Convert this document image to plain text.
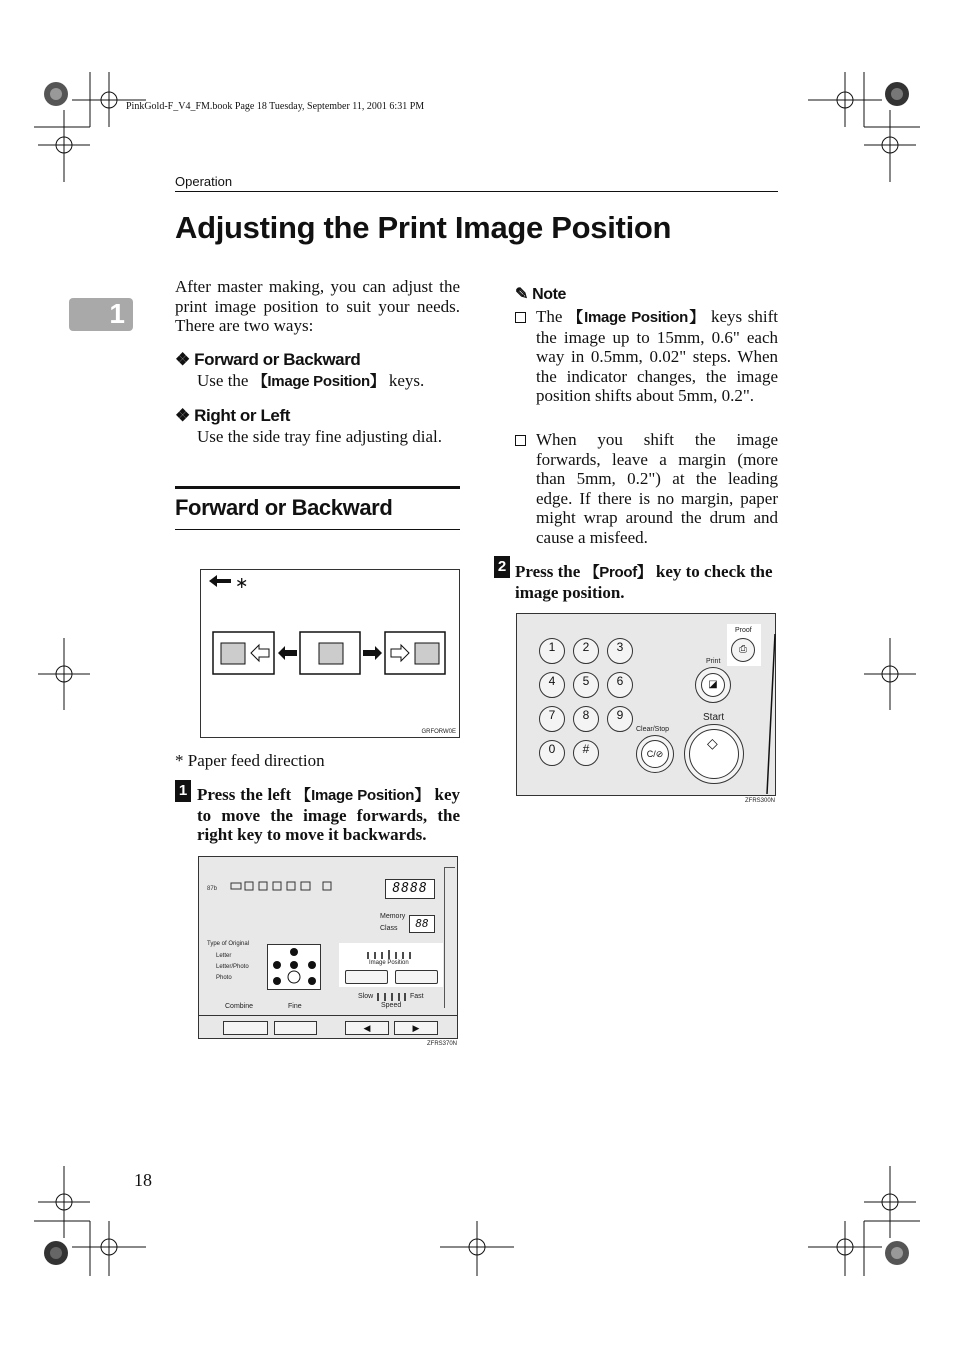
PinkGold-F_V4_FM.book Page 18 Tuesday, September 11, 2001 6:31 PM
Operation
1
Adjusting the Print Image Position
After master making, you can adjust the print image position to suit your needs. There are two ways:
❖ Forward or Backward
Use the 【Image Position】 keys.
❖ Right or Left
Use the side tray fine adjusting dial.
Forward or Backward
∗
GRFORW0E
* Paper feed direction
1 Press the left 【Image Position】 key to move the image forwards, the right key to move it backwards.
87b	8888
Memory
Class	88
Type of Original
Letter
Letter/Photo
Photo
Image Position
Slow	Fast
Speed
Combine	Fine
◀	▶
ZFRS370N
✎ Note
The 【Image Position】 keys shift the image up to 15mm, 0.6" each way in 0.5mm, 0.02" steps. When the indicator changes, the image position shifts about 5mm, 0.2".
When you shift the image forwards, leave a margin (more than 5mm, 0.2") at the leading edge. If there is no margin, paper might wrap around the drum and cause a misfeed.
2 Press the 【Proof】 key to check the image position.
1	2	3
4	5	6
7	8	9
0	#
Proof
⎙
Print
◪
Start
◇
Clear/Stop
C/⊘
ZFRS300N
18
